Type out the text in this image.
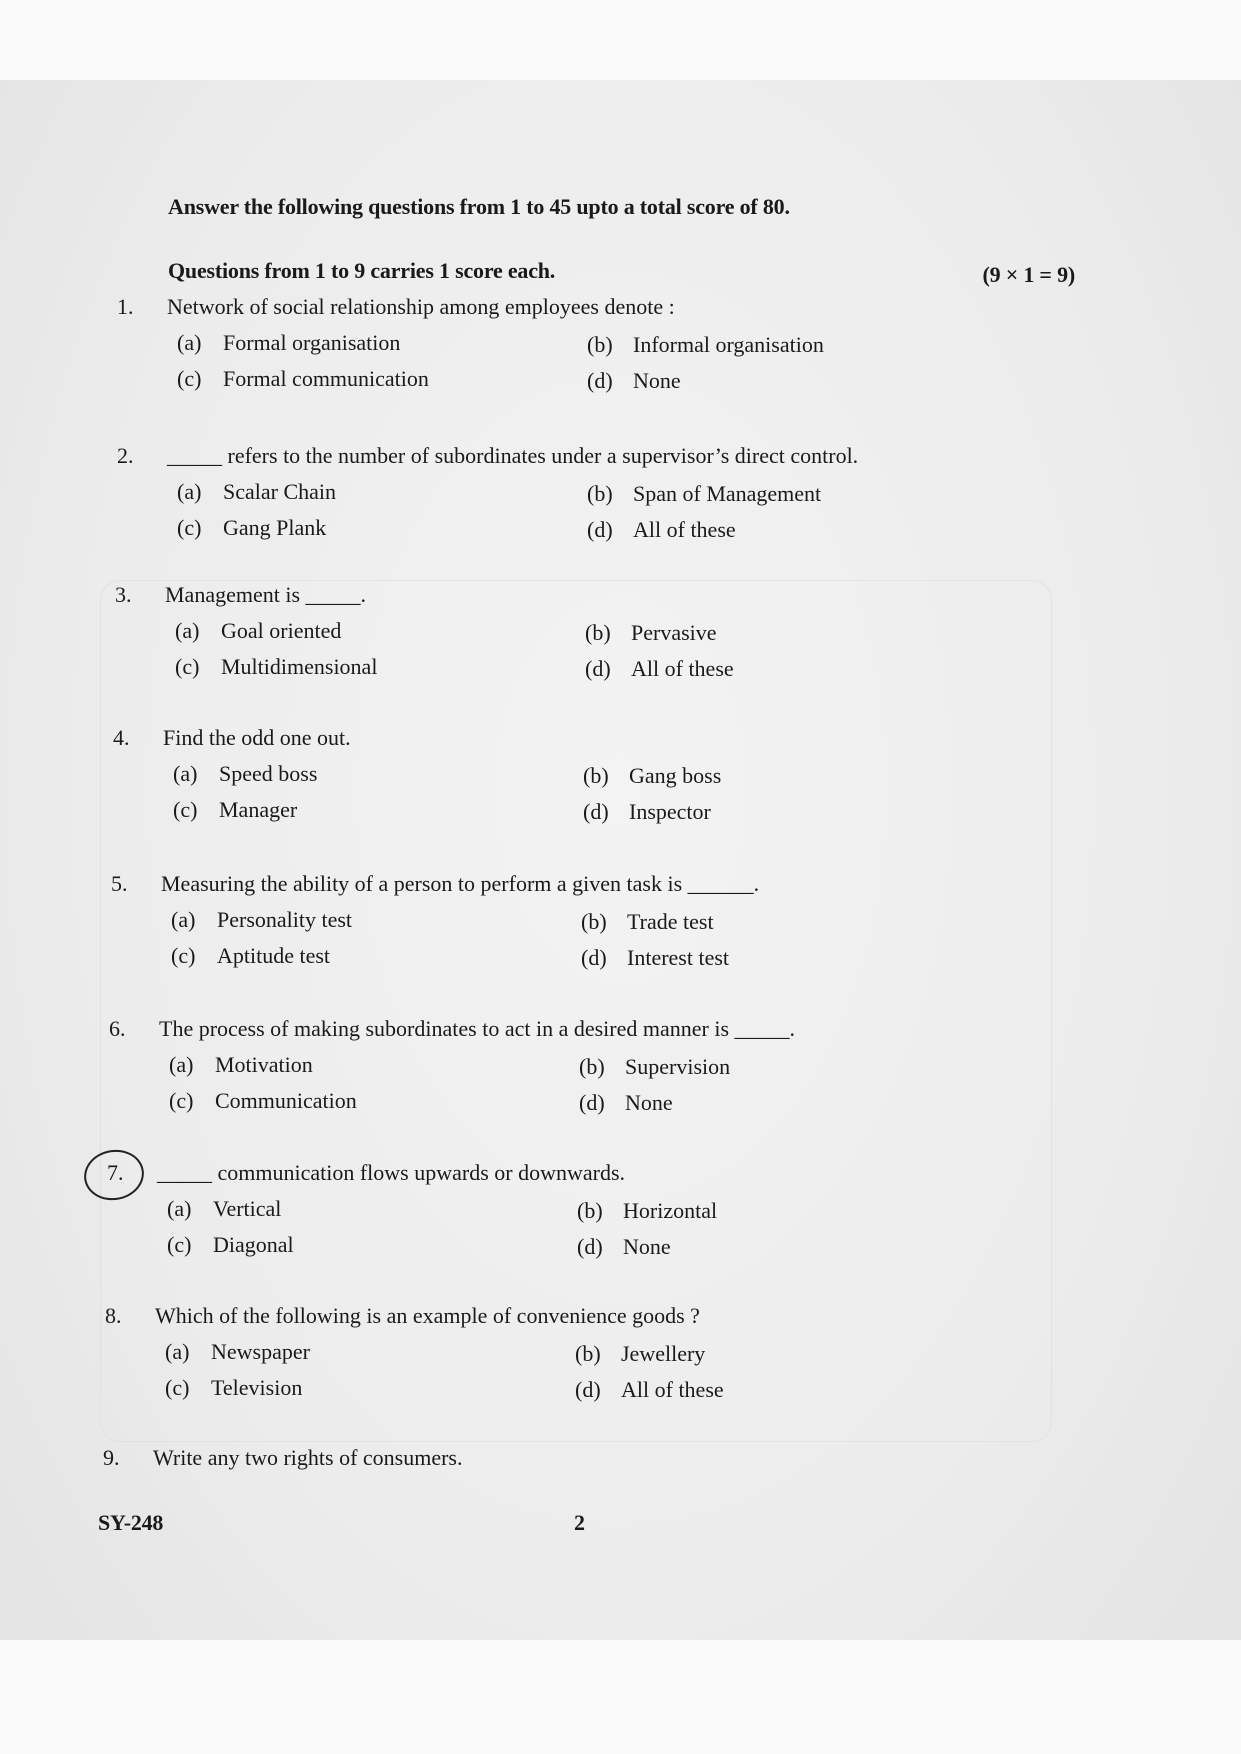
Answer the following questions from 1 to 45 upto a total score of 80.
Questions from 1 to 9 carries 1 score each.	(9 × 1 = 9)
1. Network of social relationship among employees denote :
(a) Formal organisation	(b) Informal organisation
(c) Formal communication	(d) None
2. _____ refers to the number of subordinates under a supervisor’s direct control.
(a) Scalar Chain	(b) Span of Management
(c) Gang Plank	(d) All of these
3. Management is _____.
(a) Goal oriented	(b) Pervasive
(c) Multidimensional	(d) All of these
4. Find the odd one out.
(a) Speed boss	(b) Gang boss
(c) Manager	(d) Inspector
5. Measuring the ability of a person to perform a given task is ______.
(a) Personality test	(b) Trade test
(c) Aptitude test	(d) Interest test
6. The process of making subordinates to act in a desired manner is _____.
(a) Motivation	(b) Supervision
(c) Communication	(d) None
7. _____ communication flows upwards or downwards.
(a) Vertical	(b) Horizontal
(c) Diagonal	(d) None
8. Which of the following is an example of convenience goods ?
(a) Newspaper	(b) Jewellery
(c) Television	(d) All of these
9. Write any two rights of consumers.
SY-248	2
